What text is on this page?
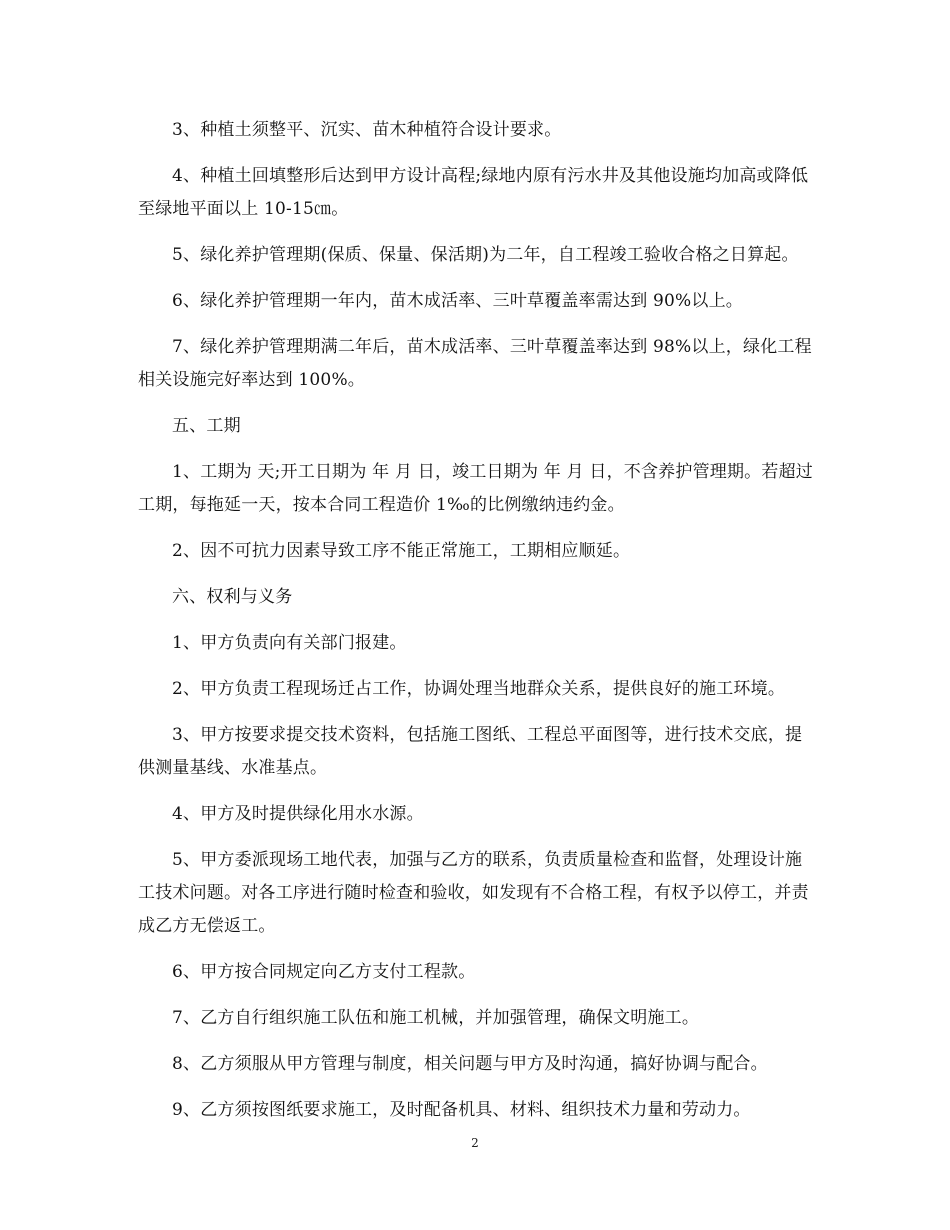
3、种植土须整平、沉实、苗木种植符合设计要求。

4、种植土回填整形后达到甲方设计高程;绿地内原有污水井及其他设施均加高或降低至绿地平面以上 10-15㎝。

5、绿化养护管理期(保质、保量、保活期)为二年，自工程竣工验收合格之日算起。

6、绿化养护管理期一年内，苗木成活率、三叶草覆盖率需达到 90%以上。

7、绿化养护管理期满二年后，苗木成活率、三叶草覆盖率达到 98%以上，绿化工程相关设施完好率达到 100%。

五、工期

1、工期为 天;开工日期为 年 月 日，竣工日期为 年 月 日，不含养护管理期。若超过工期，每拖延一天，按本合同工程造价 1‰的比例缴纳违约金。

2、因不可抗力因素导致工序不能正常施工，工期相应顺延。

六、权利与义务

1、甲方负责向有关部门报建。

2、甲方负责工程现场迁占工作，协调处理当地群众关系，提供良好的施工环境。

3、甲方按要求提交技术资料，包括施工图纸、工程总平面图等，进行技术交底，提供测量基线、水准基点。

4、甲方及时提供绿化用水水源。

5、甲方委派现场工地代表，加强与乙方的联系，负责质量检查和监督，处理设计施工技术问题。对各工序进行随时检查和验收，如发现有不合格工程，有权予以停工，并责成乙方无偿返工。

6、甲方按合同规定向乙方支付工程款。

7、乙方自行组织施工队伍和施工机械，并加强管理，确保文明施工。

8、乙方须服从甲方管理与制度，相关问题与甲方及时沟通，搞好协调与配合。

9、乙方须按图纸要求施工，及时配备机具、材料、组织技术力量和劳动力。

2
